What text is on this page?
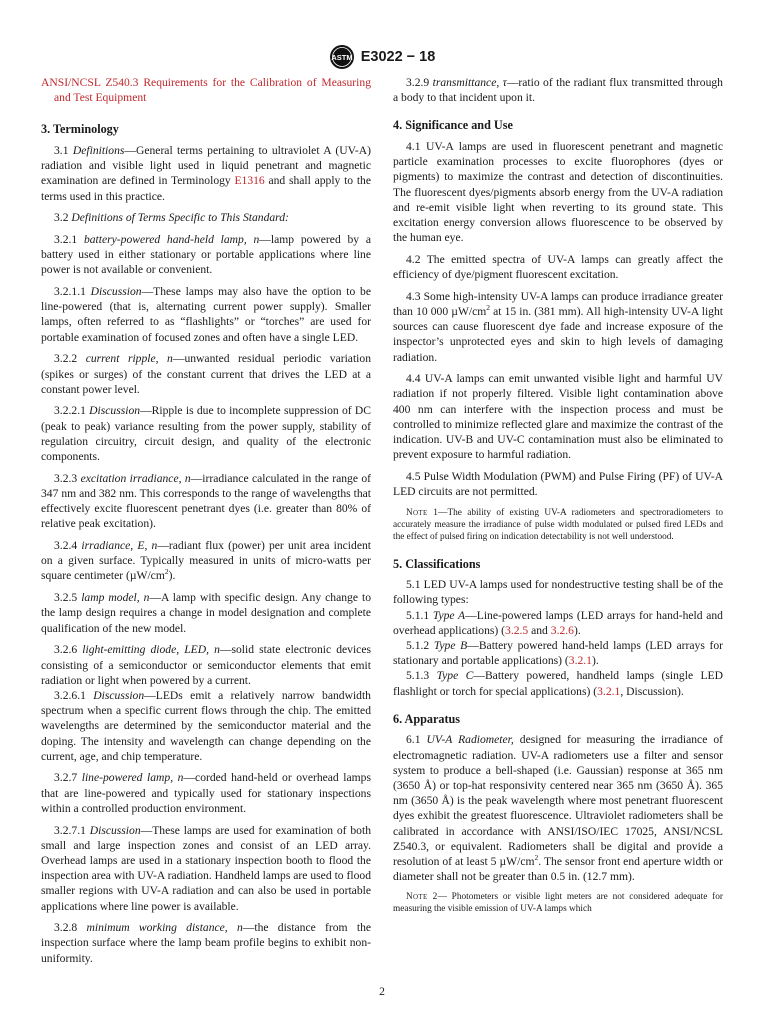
ASTM E3022 − 18

ANSI/NCSL Z540.3 Requirements for the Calibration of Measuring and Test Equipment

3. Terminology

3.1 Definitions—General terms pertaining to ultraviolet A (UV-A) radiation and visible light used in liquid penetrant and magnetic examination are defined in Terminology E1316 and shall apply to the terms used in this practice.

3.2 Definitions of Terms Specific to This Standard:

3.2.1 battery-powered hand-held lamp, n—lamp powered by a battery used in either stationary or portable applications where line power is not available or convenient.

3.2.1.1 Discussion—These lamps may also have the option to be line-powered (that is, alternating current power supply). Smaller lamps, often referred to as “flashlights” or “torches” are used for portable examination of focused zones and often have a single LED.

3.2.2 current ripple, n—unwanted residual periodic variation (spikes or surges) of the constant current that drives the LED at a constant power level.

3.2.2.1 Discussion—Ripple is due to incomplete suppression of DC (peak to peak) variance resulting from the power supply, stability of regulation circuitry, circuit design, and quality of the electronic components.

3.2.3 excitation irradiance, n—irradiance calculated in the range of 347 nm and 382 nm. This corresponds to the range of wavelengths that effectively excite fluorescent penetrant dyes (i.e. greater than 80% of relative peak excitation).

3.2.4 irradiance, E, n—radiant flux (power) per unit area incident on a given surface. Typically measured in units of micro-watts per square centimeter $(\mu W/cm^2)$.

3.2.5 lamp model, n—A lamp with specific design. Any change to the lamp design requires a change in model designation and complete qualification of the new model.

3.2.6 light-emitting diode, LED, n—solid state electronic devices consisting of a semiconductor or semiconductor elements that emit radiation or light when powered by a current.

3.2.6.1 Discussion—LEDs emit a relatively narrow bandwidth spectrum when a specific current flows through the chip. The emitted wavelengths are determined by the semiconductor material and the doping. The intensity and wavelength can change depending on the current, age, and chip temperature.

3.2.7 line-powered lamp, n—corded hand-held or overhead lamps that are line-powered and typically used for stationary inspections within a controlled production environment.

3.2.7.1 Discussion—These lamps are used for examination of both small and large inspection zones and consist of an LED array. Overhead lamps are used in a stationary inspection booth to flood the inspection area with UV-A radiation. Handheld lamps are used to flood smaller regions with UV-A radiation and can also be used in portable applications where line power is available.

3.2.8 minimum working distance, n—the distance from the inspection surface where the lamp beam profile begins to exhibit non-uniformity.

3.2.9 transmittance, τ—ratio of the radiant flux transmitted through a body to that incident upon it.

4. Significance and Use

4.1 UV-A lamps are used in fluorescent penetrant and magnetic particle examination processes to excite fluorophores (dyes or pigments) to maximize the contrast and detection of discontinuities. The fluorescent dyes/pigments absorb energy from the UV-A radiation and re-emit visible light when reverting to its ground state. This excitation energy conversion allows fluorescence to be observed by the human eye.

4.2 The emitted spectra of UV-A lamps can greatly affect the efficiency of dye/pigment fluorescent excitation.

4.3 Some high-intensity UV-A lamps can produce irradiance greater than 10 000 $\mu W/cm^2$ at 15 in. (381 mm). All high-intensity UV-A light sources can cause fluorescent dye fade and increase exposure of the inspector’s unprotected eyes and skin to high levels of damaging radiation.

4.4 UV-A lamps can emit unwanted visible light and harmful UV radiation if not properly filtered. Visible light contamination above 400 nm can interfere with the inspection process and must be controlled to minimize reflected glare and maximize the contrast of the indication. UV-B and UV-C contamination must also be eliminated to prevent exposure to harmful radiation.

4.5 Pulse Width Modulation (PWM) and Pulse Firing (PF) of UV-A LED circuits are not permitted.

Note 1—The ability of existing UV-A radiometers and spectroradiometers to accurately measure the irradiance of pulse width modulated or pulsed fired LEDs and the effect of pulsed firing on indication detectability is not well understood.

5. Classifications

5.1 LED UV-A lamps used for nondestructive testing shall be of the following types:

5.1.1 Type A—Line-powered lamps (LED arrays for hand-held and overhead applications) (3.2.5 and 3.2.6).

5.1.2 Type B—Battery powered hand-held lamps (LED arrays for stationary and portable applications) (3.2.1).

5.1.3 Type C—Battery powered, handheld lamps (single LED flashlight or torch for special applications) (3.2.1, Discussion).

6. Apparatus

6.1 UV-A Radiometer, designed for measuring the irradiance of electromagnetic radiation. UV-A radiometers use a filter and sensor system to produce a bell-shaped (i.e. Gaussian) response at 365 nm (3650 Å) or top-hat responsivity centered near 365 nm (3650 Å). 365 nm (3650 Å) is the peak wavelength where most penetrant fluorescent dyes exhibit the greatest fluorescence. Ultraviolet radiometers shall be calibrated in accordance with ANSI/ISO/IEC 17025, ANSI/NCSL Z540.3, or equivalent. Radiometers shall be digital and provide a resolution of at least 5 $\mu W/cm^2$. The sensor front end aperture width or diameter shall not be greater than 0.5 in. (12.7 mm).

Note 2— Photometers or visible light meters are not considered adequate for measuring the visible emission of UV-A lamps which

2
